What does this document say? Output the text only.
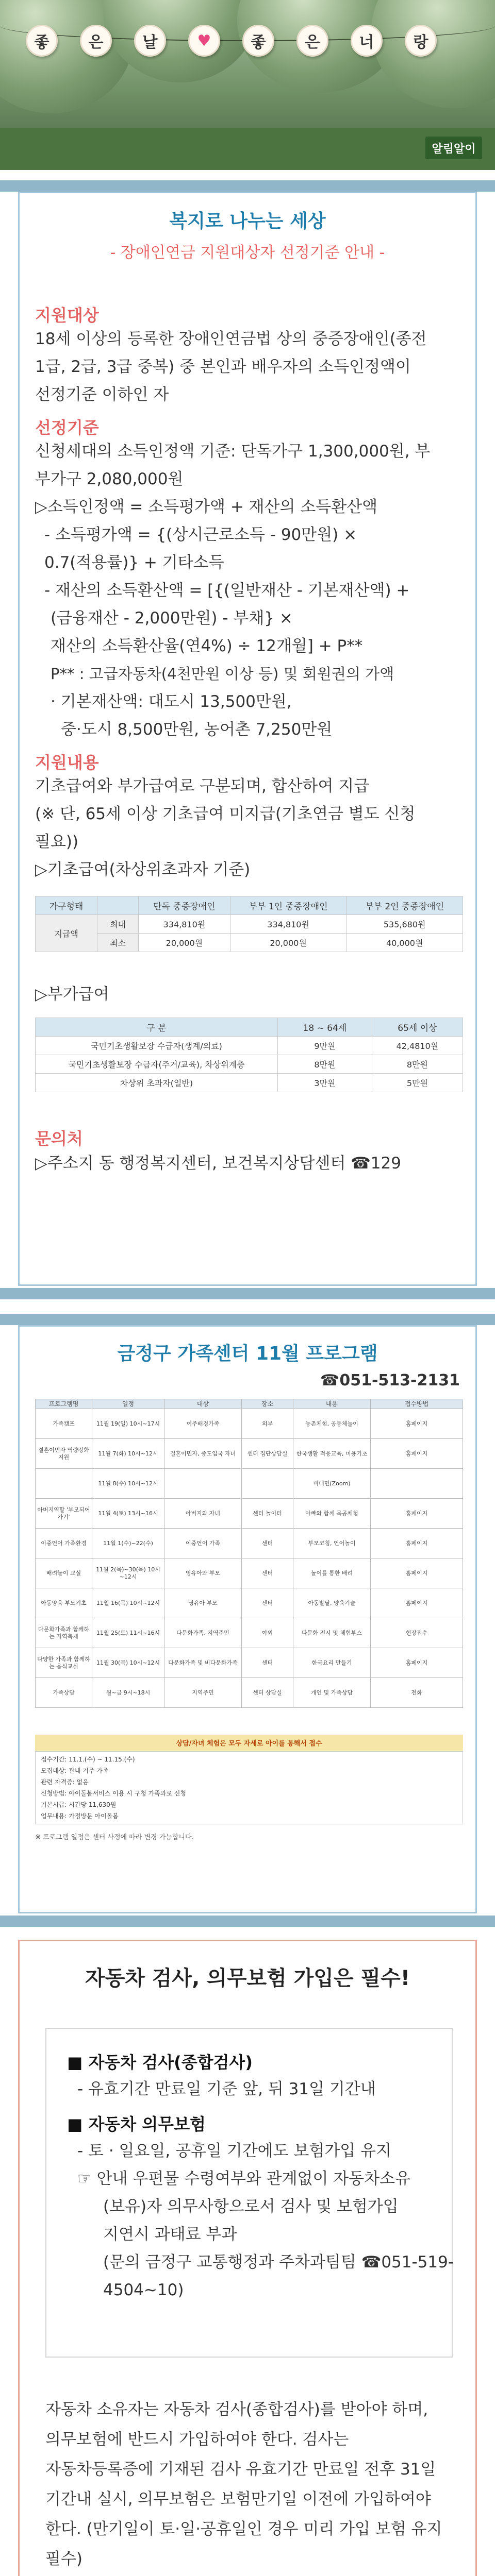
좋	은	날	♥	좋	은	너	랑
알림알이
복지로 나누는 세상
- 장애인연금 지원대상자 선정기준 안내 -
지원대상
18세 이상의 등록한 장애인연금법 상의 중증장애인(종전
1급, 2급, 3급 중복) 중 본인과 배우자의 소득인정액이
선정기준 이하인 자
선정기준
신청세대의 소득인정액 기준: 단독가구 1,300,000원, 부
부가구 2,080,000원
▷소득인정액 = 소득평가액 + 재산의 소득환산액
- 소득평가액 = {(상시근로소득 - 90만원) ×
0.7(적용률)} + 기타소득
- 재산의 소득환산액 = [{(일반재산 - 기본재산액) +
(금융재산 - 2,000만원) - 부채} ×
재산의 소득환산율(연4%) ÷ 12개월] + P**
P** : 고급자동차(4천만원 이상 등) 및 회원권의 가액
· 기본재산액: 대도시 13,500만원,
중·도시 8,500만원, 농어촌 7,250만원
지원내용
기초급여와 부가급여로 구분되며, 합산하여 지급
(※ 단, 65세 이상 기초급여 미지급(기초연금 별도 신청
필요))
▷기초급여(차상위초과자 기준)
가구형태		단독 중증장애인	부부 1인 중증장애인	부부 2인 중증장애인
지급액	최대	334,810원	334,810원	535,680원
	최소	20,000원	20,000원	40,000원
▷부가급여
구 분	18 ~ 64세	65세 이상
국민기초생활보장 수급자(생계/의료)	9만원	42,4810원
국민기초생활보장 수급자(주거/교육), 차상위계층	8만원	8만원
차상위 초과자(일반)	3만원	5만원
문의처
▷주소지 동 행정복지센터, 보건복지상담센터 ☎129
금정구 가족센터 11월 프로그램
☎051-513-2131
프로그램명	일정	대상	장소	내용	접수방법
가족캠프	11월 19(일) 10시~17시	이주배경가족	외부	농촌체험, 공동체놀이	홈페이지
결혼이민자 역량강화지원	11월 7(화) 10시~12시	결혼이민자, 중도입국 자녀	센터 집단상담실	한국생활 적응교육, 미용기초	홈페이지
	11월 8(수) 10시~12시			비대면(Zoom)	
아버지역할 '부모되어가기'	11월 4(토) 13시~16시	아버지와 자녀	센터 놀이터	아빠와 함께 목공체험	홈페이지
이중언어 가족환경	11월 1(수)~22(수)	이중언어 가족	센터	부모코칭, 언어놀이	홈페이지
배려놀이 교실	11월 2(목)~30(목) 10시~12시	영유아와 부모	센터	놀이를 통한 배려	홈페이지
아동양육 부모기초	11월 16(목) 10시~12시	영유아 부모	센터	아동발달, 양육기술	홈페이지
다문화가족과 함께하는 지역축제	11월 25(토) 11시~16시	다문화가족, 지역주민	야외	다문화 전시 및 체험부스	현장접수
다양한 가족과 함께하는 음식교실	11월 30(목) 10시~12시	다문화가족 및 비다문화가족	센터	한국요리 만들기	홈페이지
가족상담	월~금 9시~18시	지역주민	센터 상담실	개인 및 가족상담	전화
상담/자녀 체험은 모두 자세로 아이를 통해서 접수
접수기간: 11.1.(수) ~ 11.15.(수)
모집대상: 관내 거주 가족
관련 자격증: 없음
신청방법: 아이돌봄서비스 이용 시 구청 가족과로 신청
기본시급: 시간당 11,630원
업무내용: 가정방문 아이돌봄
※ 프로그램 일정은 센터 사정에 따라 변경 가능합니다.
자동차 검사, 의무보험 가입은 필수!
■ 자동차 검사(종합검사)
- 유효기간 만료일 기준 앞, 뒤 31일 기간내
■ 자동차 의무보험
- 토 · 일요일, 공휴일 기간에도 보험가입 유지
☞ 안내 우편물 수령여부와 관계없이 자동차소유
(보유)자 의무사항으로서 검사 및 보험가입
지연시 과태료 부과
(문의 금정구 교통행정과 주차과팀팀 ☎051-519-
4504~10)
자동차 소유자는 자동차 검사(종합검사)를 받아야 하며, 의무보험에 반드시 가입하여야 한다. 검사는 자동차등록증에 기재된 검사 유효기간 만료일 전후 31일 기간내 실시, 의무보험은 보험만기일 이전에 가입하여야 한다. (만기일이 토·일·공휴일인 경우 미리 가입 보험 유지 필수)
